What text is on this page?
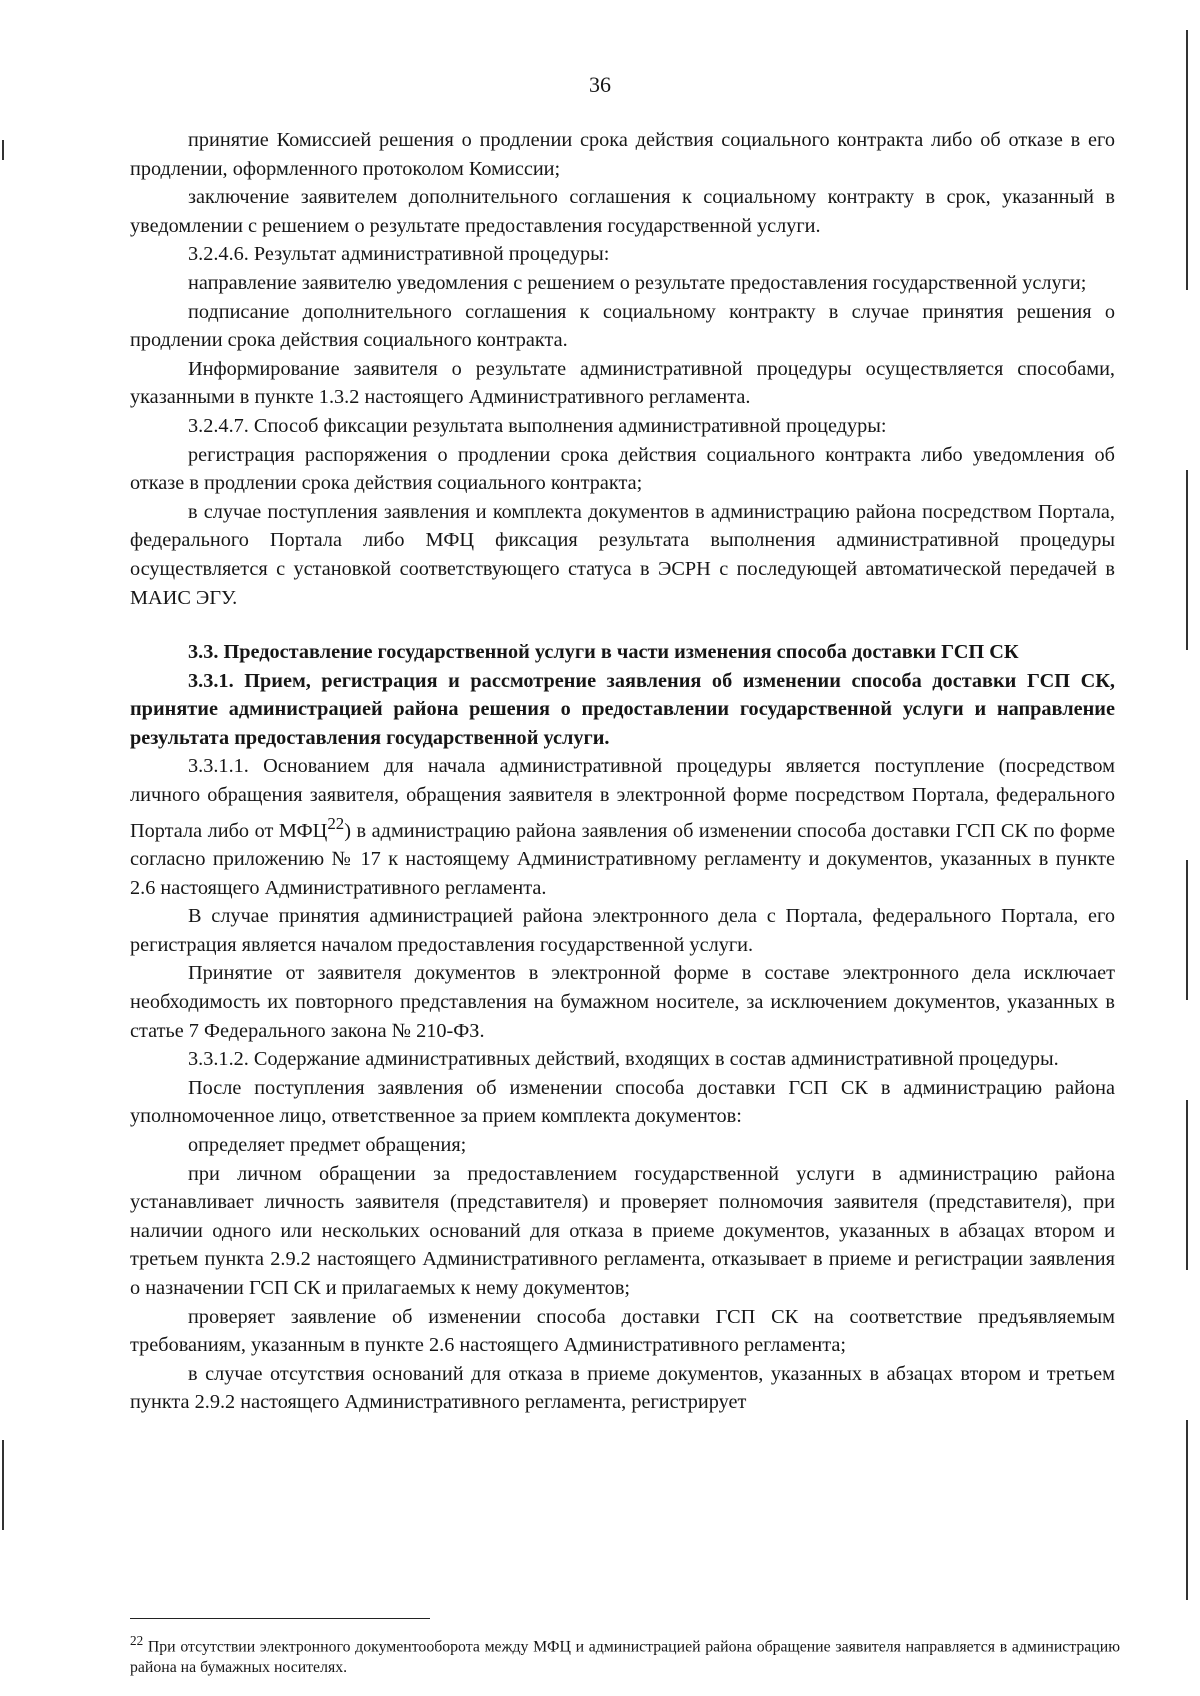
36

принятие Комиссией решения о продлении срока действия социального контракта либо об отказе в его продлении, оформленного протоколом Комиссии;

заключение заявителем дополнительного соглашения к социальному контракту в срок, указанный в уведомлении с решением о результате предоставления государственной услуги.

3.2.4.6. Результат административной процедуры:

направление заявителю уведомления с решением о результате предоставления государственной услуги;

подписание дополнительного соглашения к социальному контракту в случае принятия решения о продлении срока действия социального контракта.

Информирование заявителя о результате административной процедуры осуществляется способами, указанными в пункте 1.3.2 настоящего Административного регламента.

3.2.4.7. Способ фиксации результата выполнения административной процедуры:

регистрация распоряжения о продлении срока действия социального контракта либо уведомления об отказе в продлении срока действия социального контракта;

в случае поступления заявления и комплекта документов в администрацию района посредством Портала, федерального Портала либо МФЦ фиксация результата выполнения административной процедуры осуществляется с установкой соответствующего статуса в ЭСРН с последующей автоматической передачей в МАИС ЭГУ.

3.3. Предоставление государственной услуги в части изменения способа доставки ГСП СК

3.3.1. Прием, регистрация и рассмотрение заявления об изменении способа доставки ГСП СК, принятие администрацией района решения о предоставлении государственной услуги и направление результата предоставления государственной услуги.

3.3.1.1. Основанием для начала административной процедуры является поступление (посредством личного обращения заявителя, обращения заявителя в электронной форме посредством Портала, федерального Портала либо от МФЦ$^{22}$) в администрацию района заявления об изменении способа доставки ГСП СК по форме согласно приложению № 17 к настоящему Административному регламенту и документов, указанных в пункте 2.6 настоящего Административного регламента.

В случае принятия администрацией района электронного дела с Портала, федерального Портала, его регистрация является началом предоставления государственной услуги.

Принятие от заявителя документов в электронной форме в составе электронного дела исключает необходимость их повторного представления на бумажном носителе, за исключением документов, указанных в статье 7 Федерального закона № 210-ФЗ.

3.3.1.2. Содержание административных действий, входящих в состав административной процедуры.

После поступления заявления об изменении способа доставки ГСП СК в администрацию района уполномоченное лицо, ответственное за прием комплекта документов:

определяет предмет обращения;

при личном обращении за предоставлением государственной услуги в администрацию района устанавливает личность заявителя (представителя) и проверяет полномочия заявителя (представителя), при наличии одного или нескольких оснований для отказа в приеме документов, указанных в абзацах втором и третьем пункта 2.9.2 настоящего Административного регламента, отказывает в приеме и регистрации заявления о назначении ГСП СК и прилагаемых к нему документов;

проверяет заявление об изменении способа доставки ГСП СК на соответствие предъявляемым требованиям, указанным в пункте 2.6 настоящего Административного регламента;

в случае отсутствия оснований для отказа в приеме документов, указанных в абзацах втором и третьем пункта 2.9.2 настоящего Административного регламента, регистрирует

$^{22}$ При отсутствии электронного документооборота между МФЦ и администрацией района обращение заявителя направляется в администрацию района на бумажных носителях.
